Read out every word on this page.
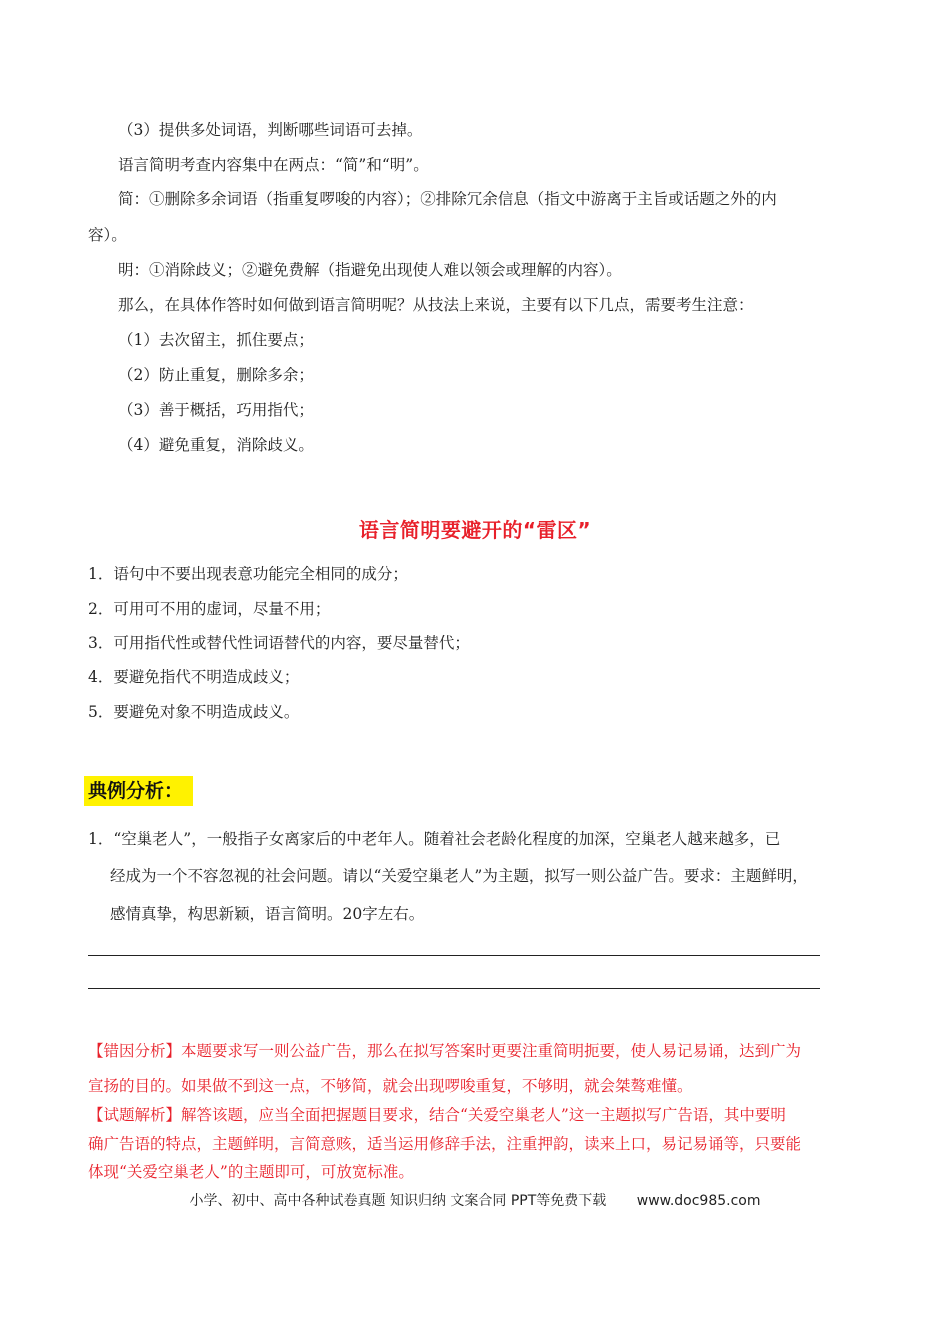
（3）提供多处词语，判断哪些词语可去掉。
语言简明考查内容集中在两点：“简”和“明”。
简：①删除多余词语（指重复啰唆的内容）；②排除冗余信息（指文中游离于主旨或话题之外的内
容）。
明：①消除歧义；②避免费解（指避免出现使人难以领会或理解的内容）。
那么，在具体作答时如何做到语言简明呢？从技法上来说，主要有以下几点，需要考生注意：
（1）去次留主，抓住要点；
（2）防止重复，删除多余；
（3）善于概括，巧用指代；
（4）避免重复，消除歧义。
语言简明要避开的“雷区”
1．语句中不要出现表意功能完全相同的成分；
2．可用可不用的虚词，尽量不用；
3．可用指代性或替代性词语替代的内容，要尽量替代；
4．要避免指代不明造成歧义；
5．要避免对象不明造成歧义。
典例分析：
1．“空巢老人”，一般指子女离家后的中老年人。随着社会老龄化程度的加深，空巢老人越来越多，已
经成为一个不容忽视的社会问题。请以“关爱空巢老人”为主题，拟写一则公益广告。要求：主题鲜明，
感情真挚，构思新颖，语言简明。20字左右。
【错因分析】本题要求写一则公益广告，那么在拟写答案时更要注重简明扼要，使人易记易诵，达到广为
宣扬的目的。如果做不到这一点，不够简，就会出现啰唆重复，不够明，就会桀骜难懂。
【试题解析】解答该题，应当全面把握题目要求，结合“关爱空巢老人”这一主题拟写广告语，其中要明
确广告语的特点，主题鲜明，言简意赅，适当运用修辞手法，注重押韵，读来上口，易记易诵等，只要能
体现“关爱空巢老人”的主题即可，可放宽标准。
小学、初中、高中各种试卷真题 知识归纳 文案合同 PPT等免费下载 www.doc985.com
